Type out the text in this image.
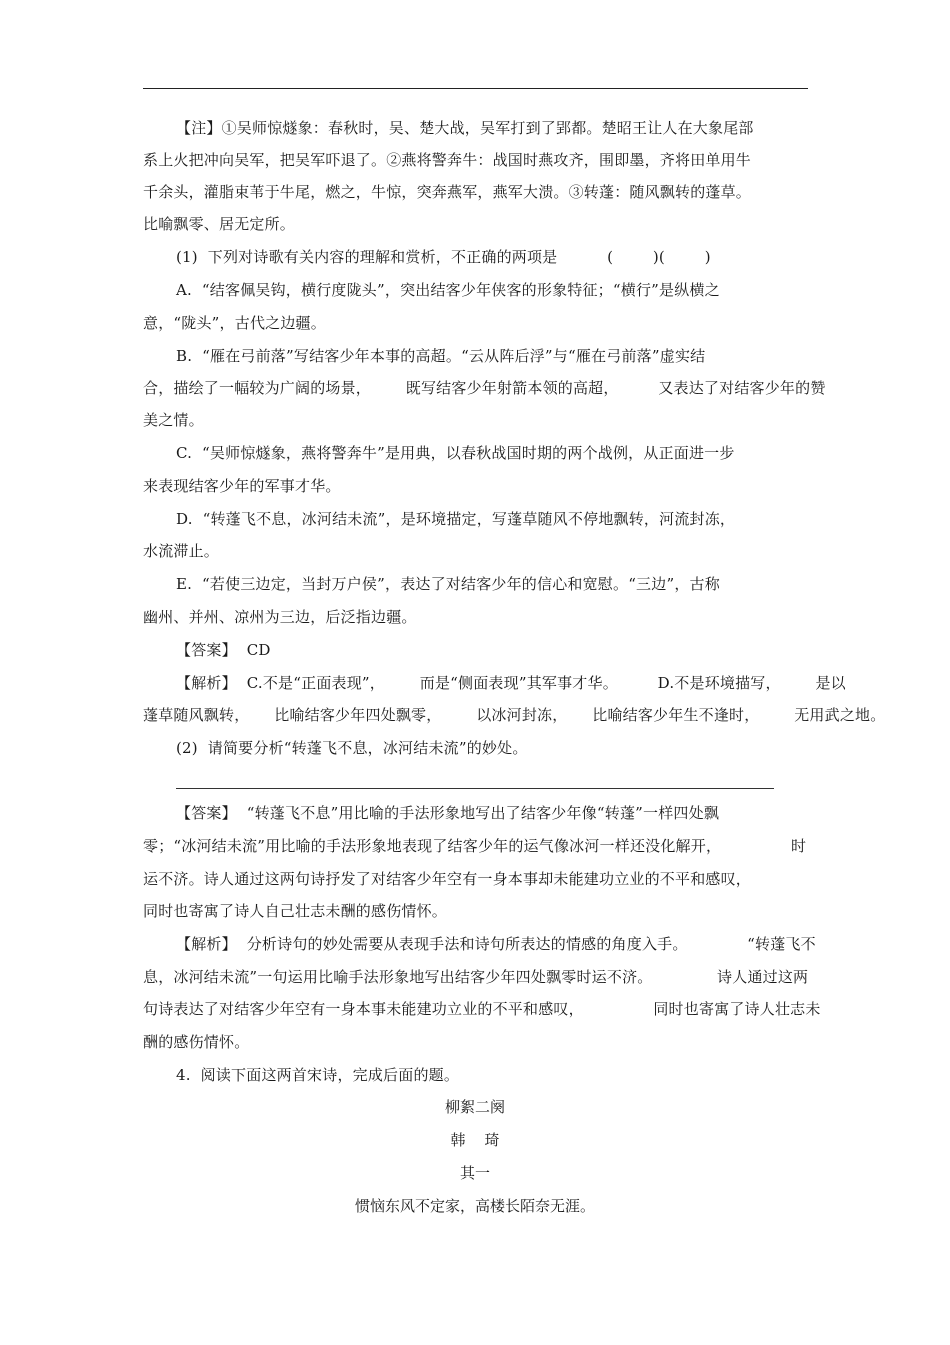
【注】①吴师惊燧象：春秋时，吴、楚大战，吴军打到了郢都。楚昭王让人在大象尾部
系上火把冲向吴军，把吴军吓退了。②燕将警奔牛：战国时燕攻齐，围即墨，齐将田单用牛
千余头，灌脂束苇于牛尾，燃之，牛惊，突奔燕军，燕军大溃。③转蓬：随风飘转的蓬草。
比喻飘零、居无定所。
(1)  下列对诗歌有关内容的理解和赏析，不正确的两项是          (        )(        )
A.  “结客佩吴钩，横行度陇头”，突出结客少年侠客的形象特征；“横行”是纵横之
意，“陇头”，古代之边疆。
B.  “雁在弓前落”写结客少年本事的高超。“云从阵后浮”与“雁在弓前落”虚实结
合，描绘了一幅较为广阔的场景，       既写结客少年射箭本领的高超，        又表达了对结客少年的赞
美之情。
C.  “吴师惊燧象，燕将警奔牛”是用典，以春秋战国时期的两个战例，从正面进一步
来表现结客少年的军事才华。
D.  “转蓬飞不息，冰河结未流”，是环境描定，写蓬草随风不停地飘转，河流封冻，
水流滞止。
E.  “若使三边定，当封万户侯”，表达了对结客少年的信心和宽慰。“三边”，古称
幽州、并州、凉州为三边，后泛指边疆。
【答案】  CD
【解析】  C.不是“正面表现”，       而是“侧面表现”其军事才华。        D.不是环境描写，       是以
蓬草随风飘转，     比喻结客少年四处飘零，       以冰河封冻，     比喻结客少年生不逢时，       无用武之地。
(2)  请简要分析“转蓬飞不息，冰河结未流”的妙处。
【答案】  “转蓬飞不息”用比喻的手法形象地写出了结客少年像“转蓬”一样四处飘
零；“冰河结未流”用比喻的手法形象地表现了结客少年的运气像冰河一样还没化解开，	时
运不济。诗人通过这两句诗抒发了对结客少年空有一身本事却未能建功立业的不平和感叹，
同时也寄寓了诗人自己壮志未酬的感伤情怀。
【解析】  分析诗句的妙处需要从表现手法和诗句所表达的情感的角度入手。            “转蓬飞不
息，冰河结未流”一句运用比喻手法形象地写出结客少年四处飘零时运不济。             诗人通过这两
句诗表达了对结客少年空有一身本事未能建功立业的不平和感叹，              同时也寄寓了诗人壮志未
酬的感伤情怀。
4.  阅读下面这两首宋诗，完成后面的题。
柳絮二阕
韩    琦
其一
惯恼东风不定家，高楼长陌奈无涯。
